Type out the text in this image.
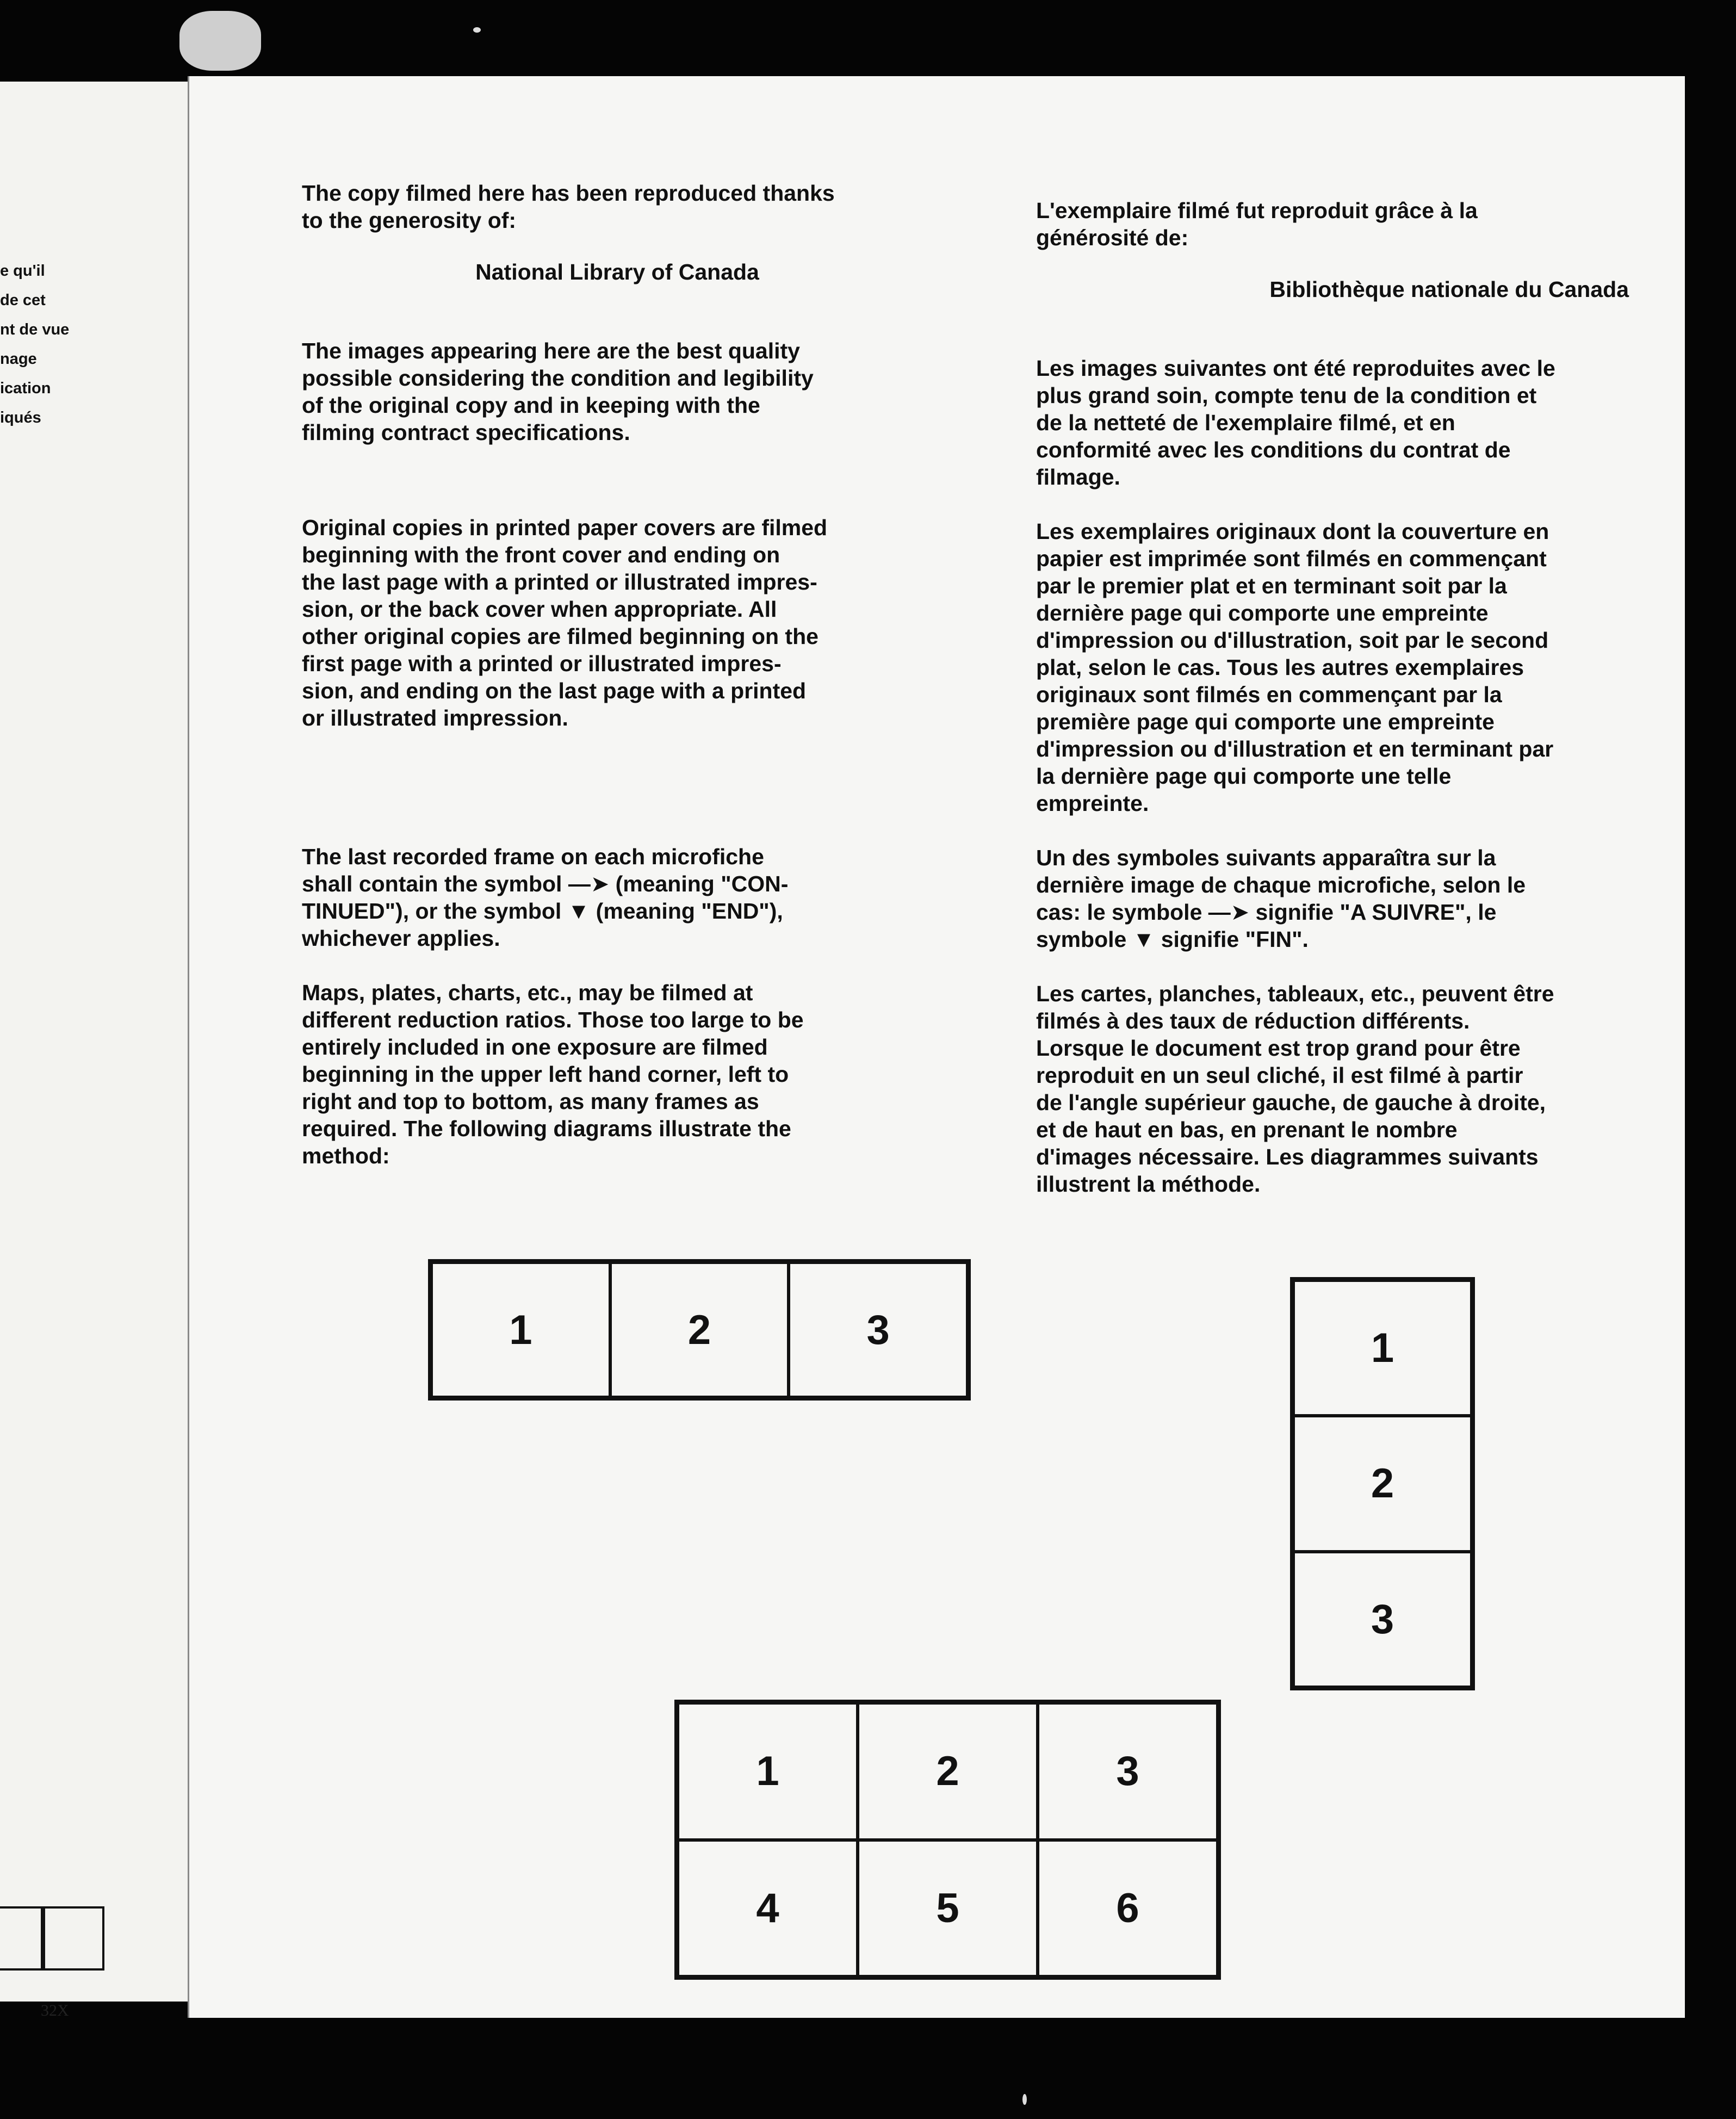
e qu'il
de cet
nt de vue
nage
ication
iqués
32X

The copy filmed here has been reproduced thanks
to the generosity of:

National Library of Canada

The images appearing here are the best quality
possible considering the condition and legibility
of the original copy and in keeping with the
filming contract specifications.

Original copies in printed paper covers are filmed
beginning with the front cover and ending on
the last page with a printed or illustrated impres-
sion, or the back cover when appropriate. All
other original copies are filmed beginning on the
first page with a printed or illustrated impres-
sion, and ending on the last page with a printed
or illustrated impression.

The last recorded frame on each microfiche
shall contain the symbol —➤ (meaning "CON-
TINUED"), or the symbol ▼ (meaning "END"),
whichever applies.

Maps, plates, charts, etc., may be filmed at
different reduction ratios. Those too large to be
entirely included in one exposure are filmed
beginning in the upper left hand corner, left to
right and top to bottom, as many frames as
required. The following diagrams illustrate the
method:

L'exemplaire filmé fut reproduit grâce à la
générosité de:

Bibliothèque nationale du Canada

Les images suivantes ont été reproduites avec le
plus grand soin, compte tenu de la condition et
de la netteté de l'exemplaire filmé, et en
conformité avec les conditions du contrat de
filmage.

Les exemplaires originaux dont la couverture en
papier est imprimée sont filmés en commençant
par le premier plat et en terminant soit par la
dernière page qui comporte une empreinte
d'impression ou d'illustration, soit par le second
plat, selon le cas. Tous les autres exemplaires
originaux sont filmés en commençant par la
première page qui comporte une empreinte
d'impression ou d'illustration et en terminant par
la dernière page qui comporte une telle
empreinte.

Un des symboles suivants apparaîtra sur la
dernière image de chaque microfiche, selon le
cas: le symbole —➤ signifie "A SUIVRE", le
symbole ▼ signifie "FIN".

Les cartes, planches, tableaux, etc., peuvent être
filmés à des taux de réduction différents.
Lorsque le document est trop grand pour être
reproduit en un seul cliché, il est filmé à partir
de l'angle supérieur gauche, de gauche à droite,
et de haut en bas, en prenant le nombre
d'images nécessaire. Les diagrammes suivants
illustrent la méthode.

1	2	3	1
2
3
1	2	3
4	5	6
